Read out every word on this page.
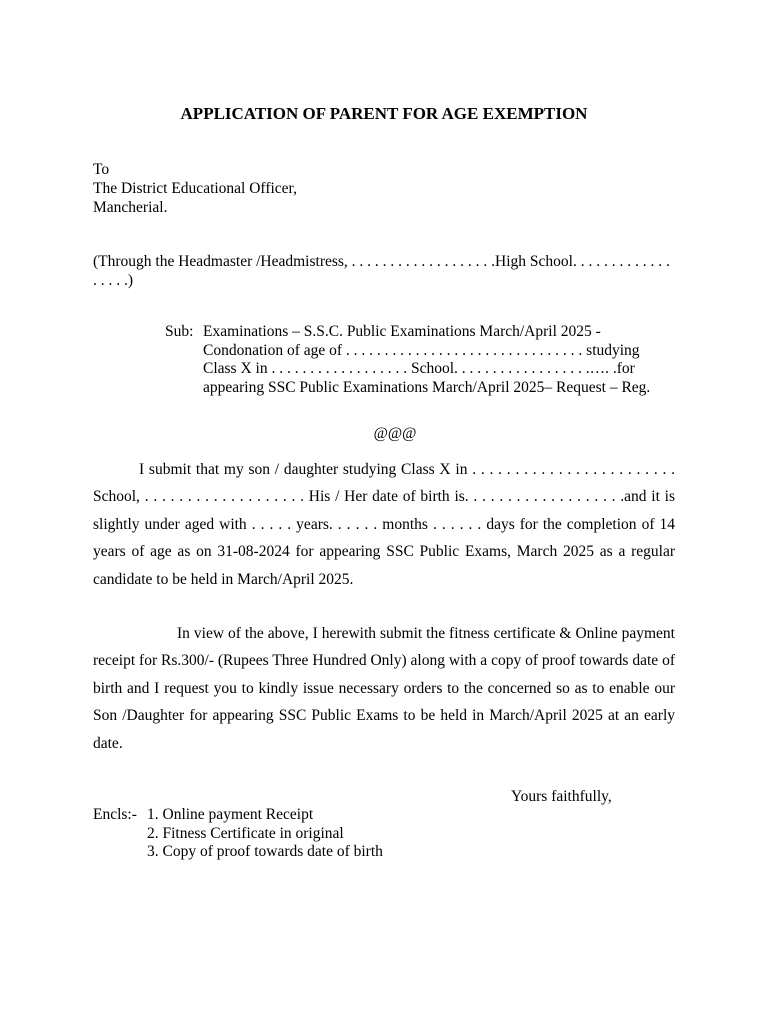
APPLICATION OF PARENT FOR AGE EXEMPTION
To
The District Educational Officer,
Mancherial.
(Through the Headmaster /Headmistress, . . . . . . . . . . . . . . . . . . .High School. . . . . . . . . . . . . . . . . .)
Sub: Examinations – S.S.C. Public Examinations March/April 2025 -Condonation of age of . . . . . . . . . . . . . . . . . . . . . . . . . . . . . . . studying Class X in . . . . . . . . . . . . . . . . . . School. . . . . . . . . . . . . . . . . .…. .for appearing SSC Public Examinations March/April 2025– Request – Reg.
@@@
I submit that my son / daughter studying Class X in . . . . . . . . . . . . . . . . . . . . . . . . School, . . . . . . . . . . . . . . . . . . . His / Her date of birth is. . . . . . . . . . . . . . . . . . .and it is slightly under aged with . . . . . years. . . . . . months . . . . . . days for the completion of 14 years of age as on 31-08-2024 for appearing SSC Public Exams, March 2025 as a regular candidate to be held in March/April 2025.
In view of the above, I herewith submit the fitness certificate & Online payment receipt for Rs.300/- (Rupees Three Hundred Only) along with a copy of proof towards date of birth and I request you to kindly issue necessary orders to the concerned so as to enable our Son /Daughter for appearing SSC Public Exams to be held in March/April 2025 at an early date.
Yours faithfully,
Encls:- 1. Online payment Receipt
2. Fitness Certificate in original
3. Copy of proof towards date of birth
